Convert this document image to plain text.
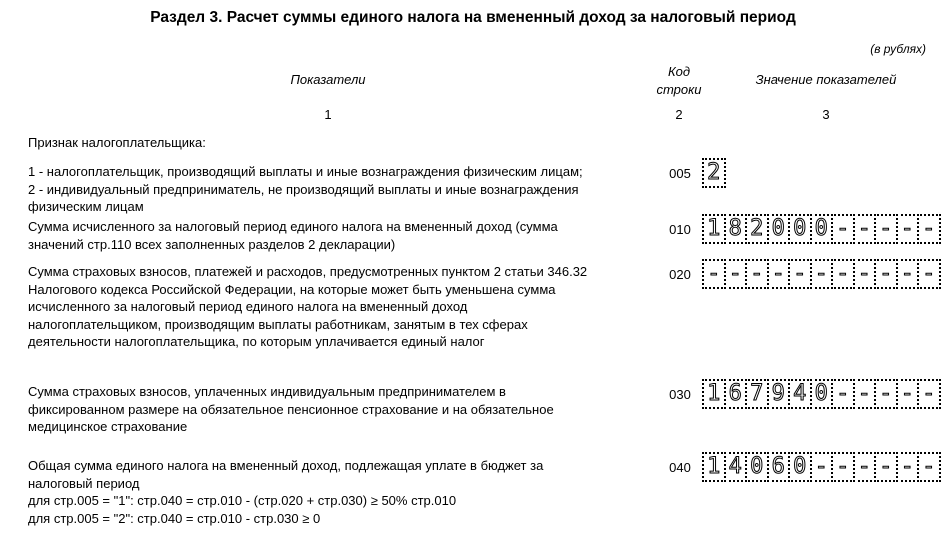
Раздел 3. Расчет суммы единого налога на вмененный доход за налоговый период
(в рублях)
Показатели
Код
строки
Значение показателей
1	2	3
Признак налогоплательщика:
1 - налогоплательщик, производящий выплаты и иные вознаграждения физическим лицам;
2 - индивидуальный предприниматель, не производящий выплаты и иные вознаграждения
физическим лицам
005 2
Сумма исчисленного за налоговый период единого налога на вмененный доход (сумма
значений стр.110 всех заполненных разделов 2 декларации)
010 1 8 2 0 0 0 - - - - -
Сумма страховых взносов, платежей и расходов, предусмотренных пунктом 2 статьи 346.32
Налогового кодекса Российской Федерации, на которые может быть уменьшена сумма
исчисленного за налоговый период единого налога на вмененный доход
налогоплательщиком, производящим выплаты работникам, занятым в тех сферах
деятельности налогоплательщика, по которым уплачивается единый налог
020 - - - - - - - - - - -
Сумма страховых взносов, уплаченных индивидуальным предпринимателем в
фиксированном размере на обязательное пенсионное страхование и на обязательное
медицинское страхование
030 1 6 7 9 4 0 - - - - -
Общая сумма единого налога на вмененный доход, подлежащая уплате в бюджет за
налоговый период
для стр.005 = "1": стр.040 = стр.010 - (стр.020 + стр.030) ≥ 50% стр.010
для стр.005 = "2": стр.040 = стр.010 - стр.030 ≥ 0
040 1 4 0 6 0 - - - - - -
